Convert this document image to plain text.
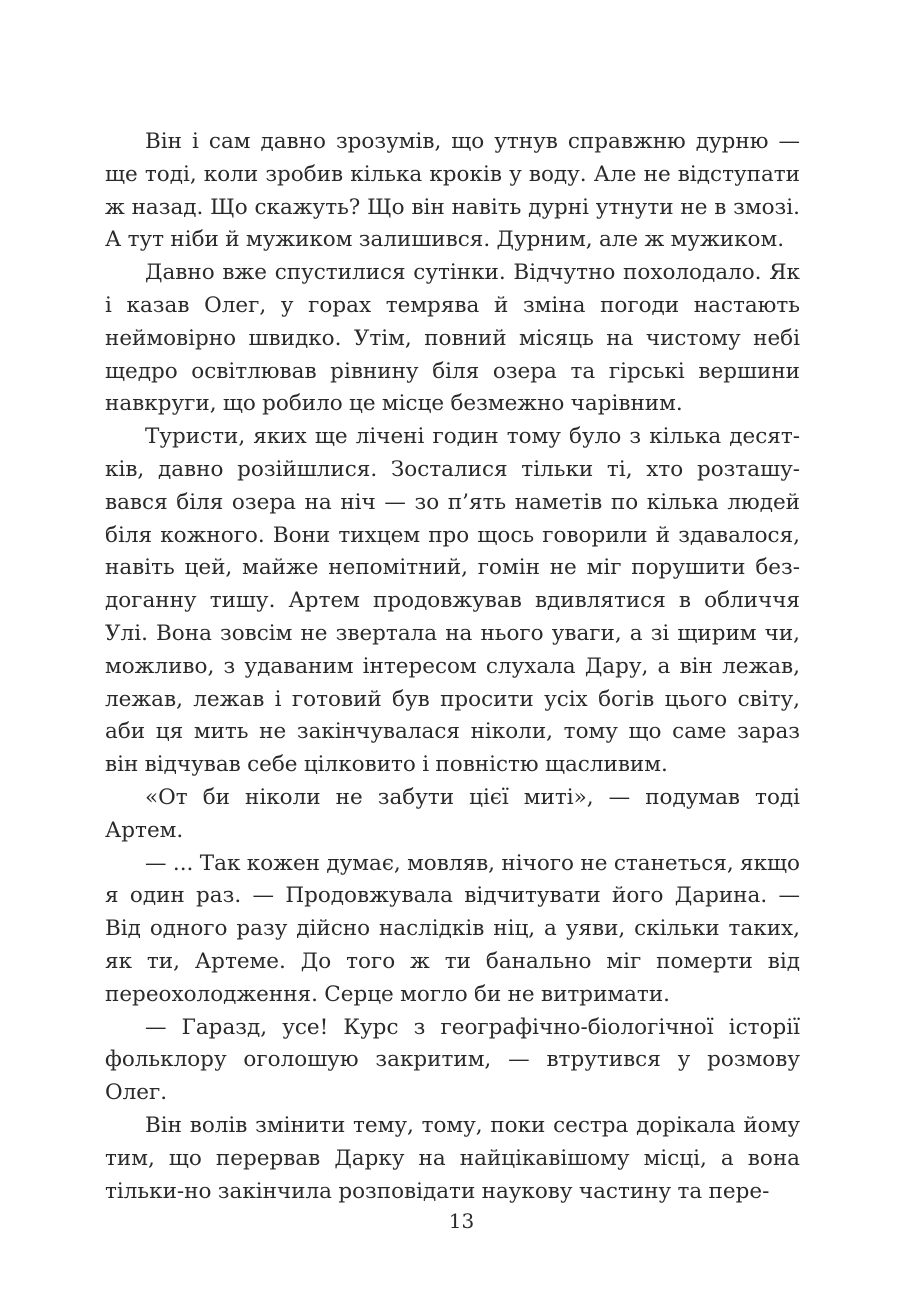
Він і сам давно зрозумів, що утнув справжню дурню — ще тоді, коли зробив кілька кроків у воду. Але не відступати ж назад. Що скажуть? Що він навіть дурні утнути не в змозі. А тут ніби й мужиком залишився. Дурним, але ж мужиком.

Давно вже спустилися сутінки. Відчутно похолодало. Як і казав Олег, у горах темрява й зміна погоди настають неймовірно швидко. Утім, повний місяць на чистому небі щедро освітлював рівнину біля озера та гірські вершини навкруги, що робило це місце безмежно чарівним.

Туристи, яких ще лічені годин тому було з кілька десятків, давно розійшлися. Зосталися тільки ті, хто розташувався біля озера на ніч — зо п’ять наметів по кілька людей біля кожного. Вони тихцем про щось говорили й здавалося, навіть цей, майже непомітний, гомін не міг порушити бездоганну тишу. Артем продовжував вдивлятися в обличчя Улі. Вона зовсім не звертала на нього уваги, а зі щирим чи, можливо, з удаваним інтересом слухала Дару, а він лежав, лежав, лежав і готовий був просити усіх богів цього світу, аби ця мить не закінчувалася ніколи, тому що саме зараз він відчував себе цілковито і повністю щасливим.

«От би ніколи не забути цієї миті», — подумав тоді Артем.

— ... Так кожен думає, мовляв, нічого не станеться, якщо я один раз. — Продовжувала відчитувати його Дарина. — Від одного разу дійсно наслідків ніц, а уяви, скільки таких, як ти, Артеме. До того ж ти банально міг померти від переохолодження. Серце могло би не витримати.

— Гаразд, усе! Курс з географічно-біологічної історії фольклору оголошую закритим, — втрутився у розмову Олег.

Він волів змінити тему, тому, поки сестра дорікала йому тим, що перервав Дарку на найцікавішому місці, а вона тільки-но закінчила розповідати наукову частину та пере-

13
